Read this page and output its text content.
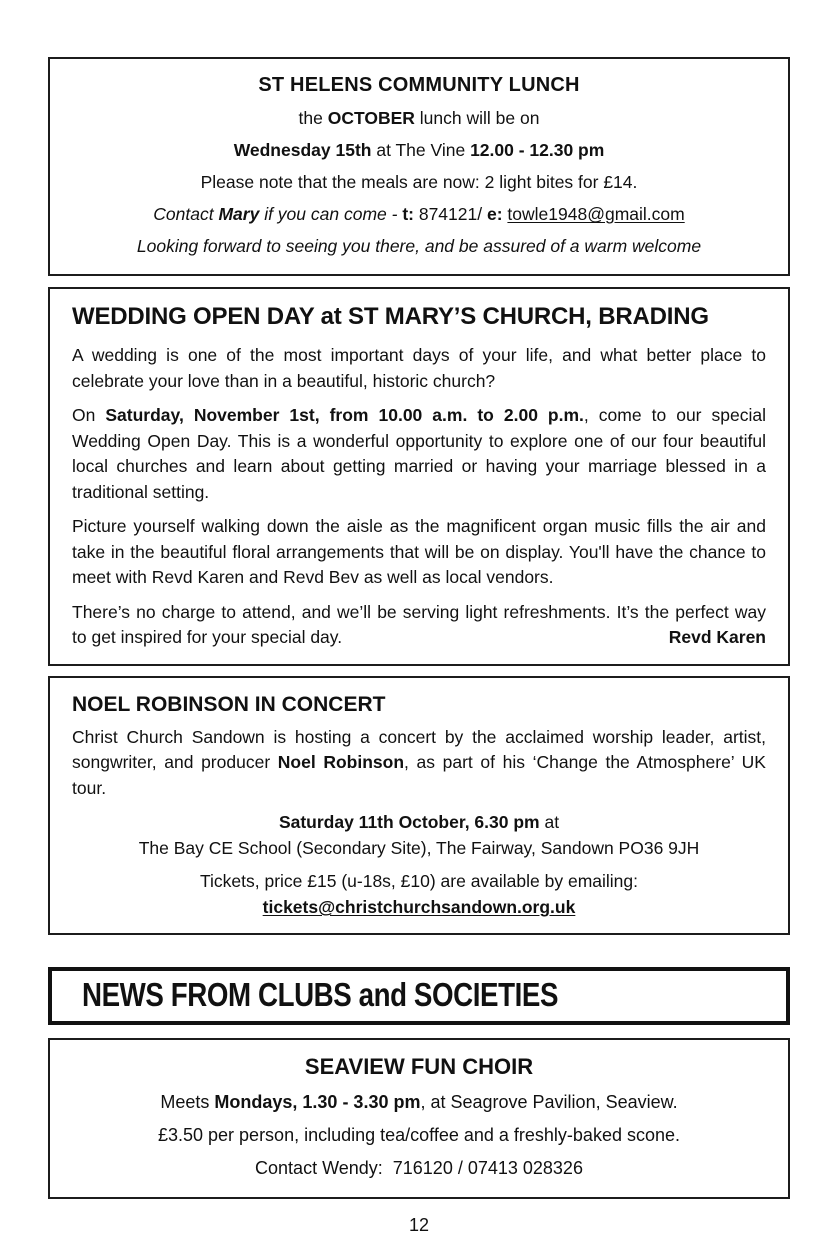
ST HELENS COMMUNITY LUNCH

the OCTOBER lunch will be on

Wednesday 15th at The Vine 12.00 - 12.30 pm

Please note that the meals are now: 2 light bites for £14.

Contact Mary if you can come - t: 874121/ e: towle1948@gmail.com

Looking forward to seeing you there, and be assured of a warm welcome

WEDDING OPEN DAY at ST MARY’S CHURCH, BRADING

A wedding is one of the most important days of your life, and what better place to celebrate your love than in a beautiful, historic church?

On Saturday, November 1st, from 10.00 a.m. to 2.00 p.m., come to our special Wedding Open Day. This is a wonderful opportunity to explore one of our four beautiful local churches and learn about getting married or having your marriage blessed in a traditional setting.

Picture yourself walking down the aisle as the magnificent organ music fills the air and take in the beautiful floral arrangements that will be on display. You'll have the chance to meet with Revd Karen and Revd Bev as well as local vendors.

There’s no charge to attend, and we’ll be serving light refreshments. It’s the perfect way to get inspired for your special day.	Revd Karen

NOEL ROBINSON IN CONCERT

Christ Church Sandown is hosting a concert by the acclaimed worship leader, artist, songwriter, and producer Noel Robinson, as part of his ‘Change the Atmosphere’ UK tour.

Saturday 11th October, 6.30 pm at

The Bay CE School (Secondary Site), The Fairway, Sandown PO36 9JH

Tickets, price £15 (u-18s, £10) are available by emailing:

tickets@christchurchsandown.org.uk

NEWS FROM CLUBS and SOCIETIES
SEAVIEW FUN CHOIR

Meets Mondays, 1.30 - 3.30 pm, at Seagrove Pavilion, Seaview.

£3.50 per person, including tea/coffee and a freshly-baked scone.

Contact Wendy:  716120 / 07413 028326

12
